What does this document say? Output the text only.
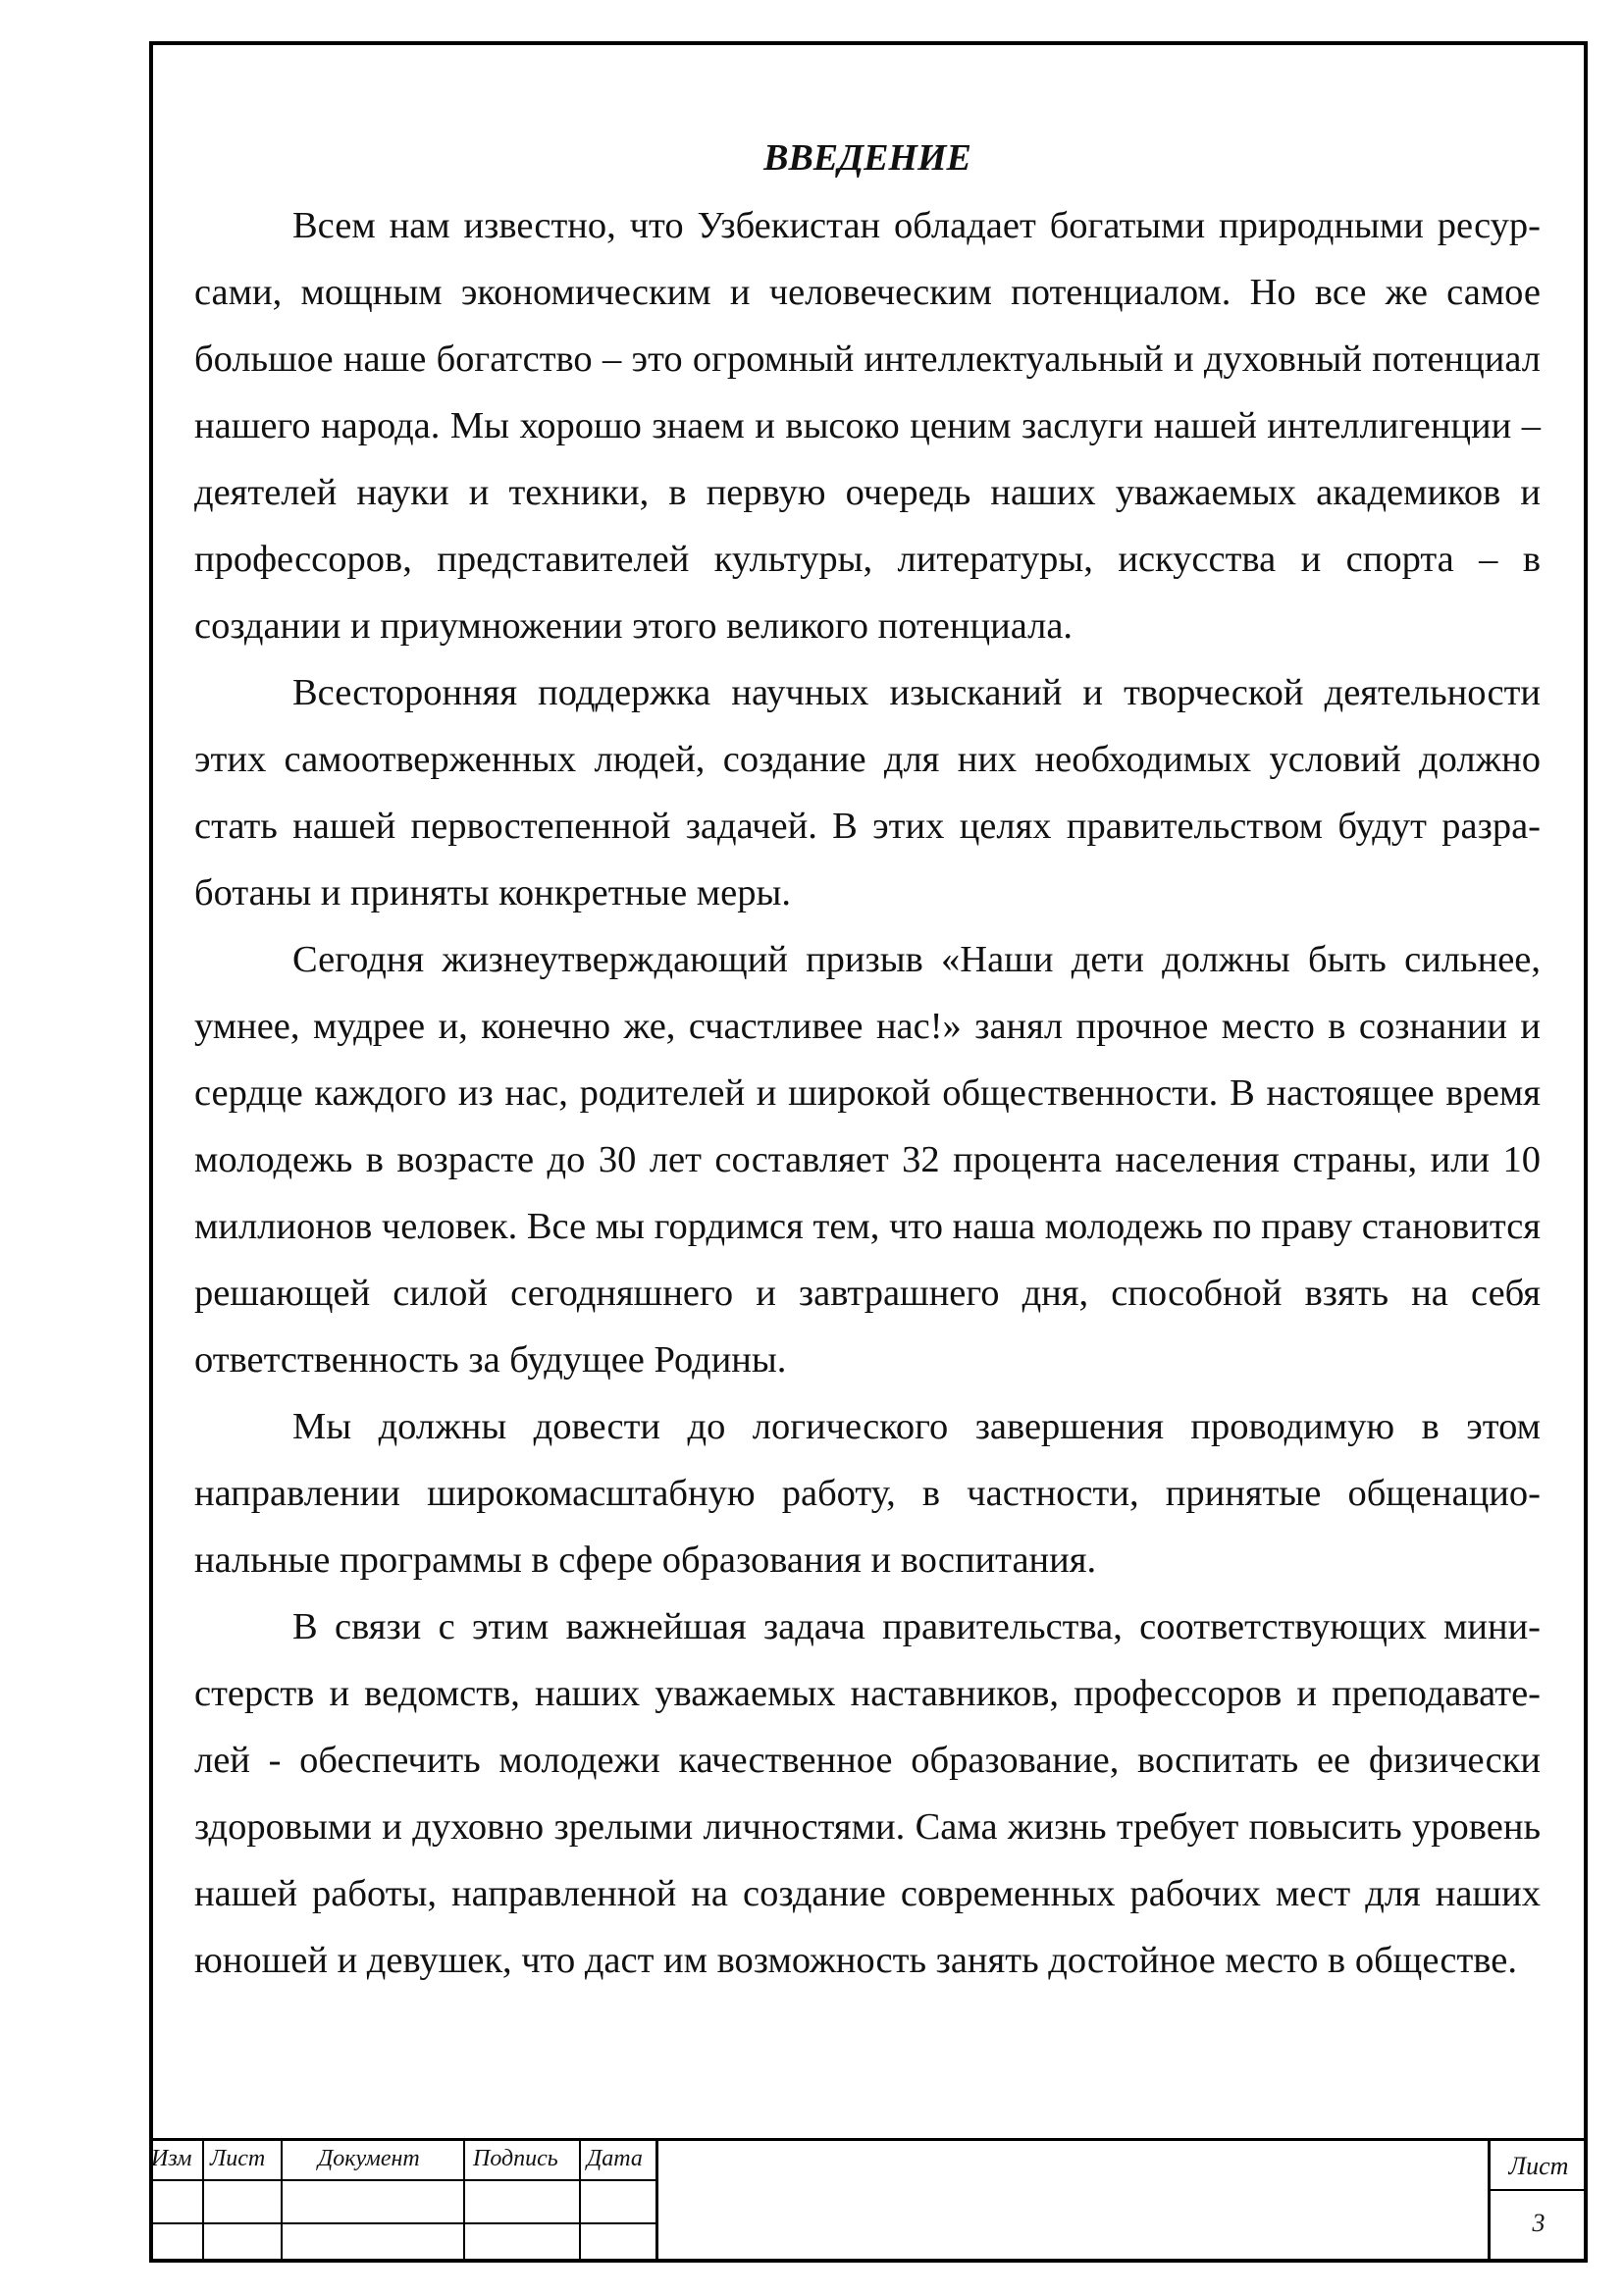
ВВЕДЕНИЕ

Всем нам известно, что Узбекистан обладает богатыми природными ресурсами, мощным экономическим и человеческим потенциалом. Но все же самое большое наше богатство – это огромный интеллектуальный и духовный потенциал нашего народа. Мы хорошо знаем и высоко ценим заслуги нашей интеллигенции – деятелей науки и техники, в первую очередь наших уважаемых академиков и профессоров, представителей культуры, литературы, искусства и спорта – в создании и приумножении этого великого потенциала.

Всесторонняя поддержка научных изысканий и творческой деятельности этих самоотверженных людей, создание для них необходимых условий должно стать нашей первостепенной задачей. В этих целях правительством будут разработаны и приняты конкретные меры.

Сегодня жизнеутверждающий призыв «Наши дети должны быть сильнее, умнее, мудрее и, конечно же, счастливее нас!» занял прочное место в сознании и сердце каждого из нас, родителей и широкой общественности. В настоящее время молодежь в возрасте до 30 лет составляет 32 процента населения страны, или 10 миллионов человек. Все мы гордимся тем, что наша молодежь по праву становится решающей силой сегодняшнего и завтрашнего дня, способной взять на себя ответственность за будущее Родины.

Мы должны довести до логического завершения проводимую в этом направлении широкомасштабную работу, в частности, принятые общенациональные программы в сфере образования и воспитания.

В связи с этим важнейшая задача правительства, соответствующих министерств и ведомств, наших уважаемых наставников, профессоров и преподавателей - обеспечить молодежи качественное образование, воспитать ее физически здоровыми и духовно зрелыми личностями. Сама жизнь требует повысить уровень нашей работы, направленной на создание современных рабочих мест для наших юношей и девушек, что даст им возможность занять достойное место в обществе.

Изм Лист Документ Подпись Дата	Лист
3
